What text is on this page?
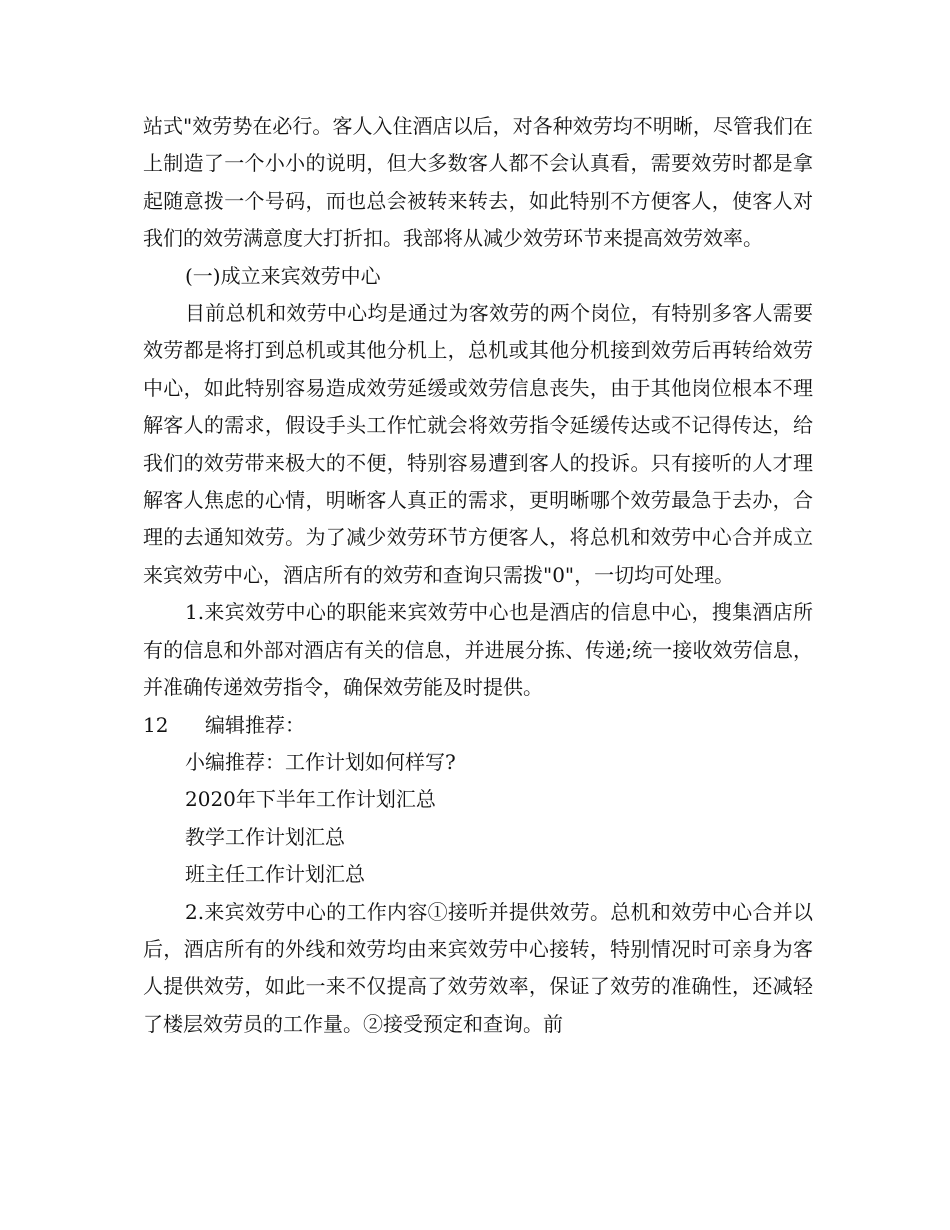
站式"效劳势在必行。客人入住酒店以后，对各种效劳均不明晰，尽管我们在上制造了一个小小的说明，但大多数客人都不会认真看，需要效劳时都是拿起随意拨一个号码，而也总会被转来转去，如此特别不方便客人，使客人对我们的效劳满意度大打折扣。我部将从减少效劳环节来提高效劳效率。

(一)成立来宾效劳中心

目前总机和效劳中心均是通过为客效劳的两个岗位，有特别多客人需要效劳都是将打到总机或其他分机上，总机或其他分机接到效劳后再转给效劳中心，如此特别容易造成效劳延缓或效劳信息丧失，由于其他岗位根本不理解客人的需求，假设手头工作忙就会将效劳指令延缓传达或不记得传达，给我们的效劳带来极大的不便，特别容易遭到客人的投诉。只有接听的人才理解客人焦虑的心情，明晰客人真正的需求，更明晰哪个效劳最急于去办，合理的去通知效劳。为了减少效劳环节方便客人，将总机和效劳中心合并成立来宾效劳中心，酒店所有的效劳和查询只需拨"0"，一切均可处理。

1.来宾效劳中心的职能来宾效劳中心也是酒店的信息中心，搜集酒店所有的信息和外部对酒店有关的信息，并进展分拣、传递;统一接收效劳信息，并准确传递效劳指令，确保效劳能及时提供。

12	编辑推荐：

小编推荐：工作计划如何样写?

2020年下半年工作计划汇总

教学工作计划汇总

班主任工作计划汇总

2.来宾效劳中心的工作内容①接听并提供效劳。总机和效劳中心合并以后，酒店所有的外线和效劳均由来宾效劳中心接转，特别情况时可亲身为客人提供效劳，如此一来不仅提高了效劳效率，保证了效劳的准确性，还减轻了楼层效劳员的工作量。②接受预定和查询。前
